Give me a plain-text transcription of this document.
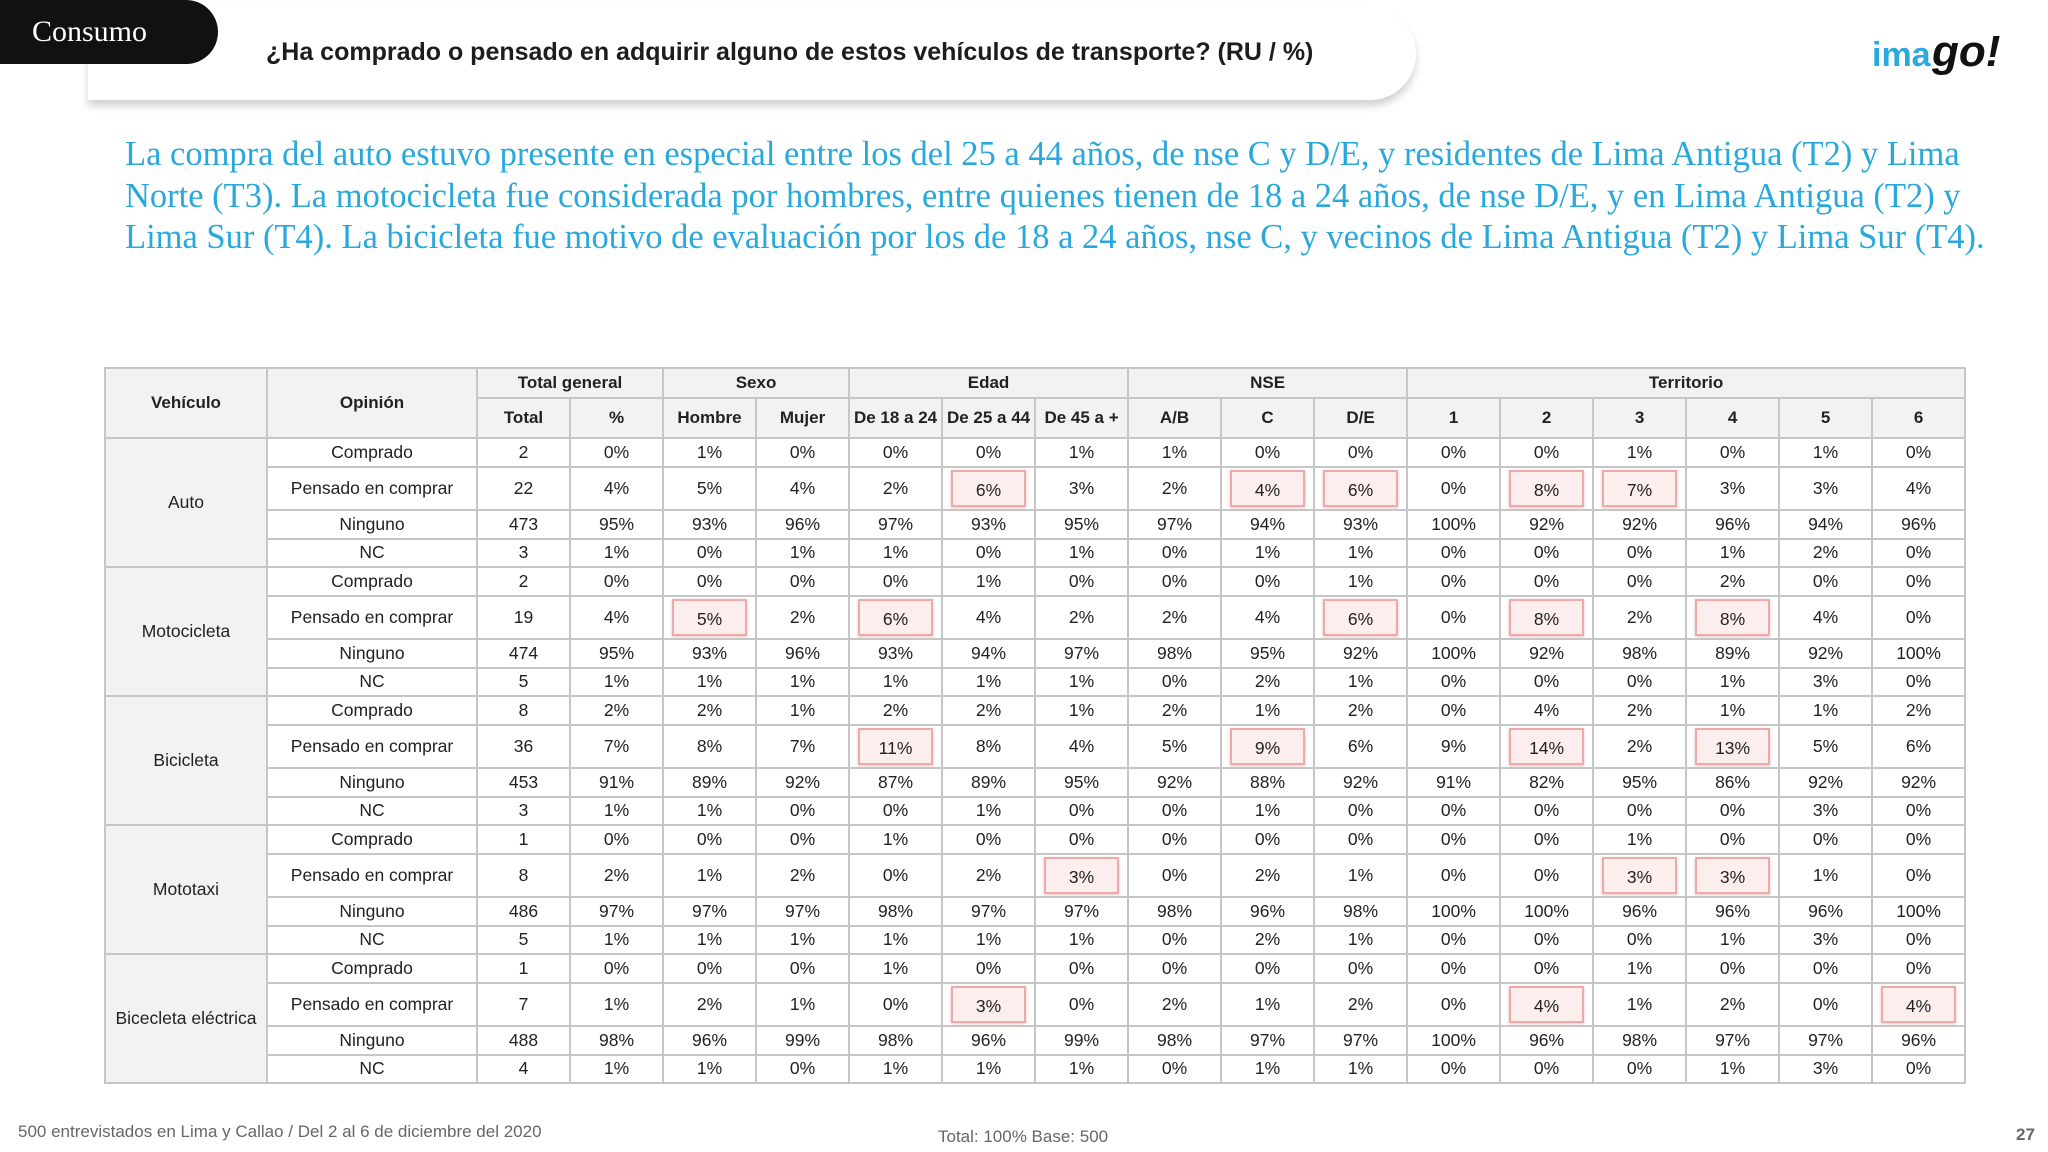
Consumo
¿Ha comprado o pensado en adquirir alguno de estos vehículos de transporte? (RU / %)	ima go!
La compra del auto estuvo presente en especial entre los del 25 a 44 años, de nse C y D/E, y residentes de Lima Antigua (T2) y Lima Norte (T3). La motocicleta fue considerada por hombres, entre quienes tienen de 18 a 24 años, de nse D/E, y en Lima Antigua (T2) y Lima Sur (T4). La bicicleta fue motivo de evaluación por los de 18 a 24 años, nse C, y vecinos de Lima Antigua (T2) y Lima Sur (T4).
Vehículo	Opinión	Total general		Sexo		Edad			NSE			Territorio					
		Total	%	Hombre	Mujer	De 18 a 24	De 25 a 44	De 45 a +	A/B	C	D/E	1	2	3	4	5	6
Auto	Comprado	2	0%	1%	0%	0%	0%	1%	1%	0%	0%	0%	0%	1%	0%	1%	0%
	Pensado en comprar	22	4%	5%	4%	2%	6%	3%	2%	4%	6%	0%	8%	7%	3%	3%	4%
	Ninguno	473	95%	93%	96%	97%	93%	95%	97%	94%	93%	100%	92%	92%	96%	94%	96%
	NC	3	1%	0%	1%	1%	0%	1%	0%	1%	1%	0%	0%	0%	1%	2%	0%
Motocicleta	Comprado	2	0%	0%	0%	0%	1%	0%	0%	0%	1%	0%	0%	0%	2%	0%	0%
	Pensado en comprar	19	4%	5%	2%	6%	4%	2%	2%	4%	6%	0%	8%	2%	8%	4%	0%
	Ninguno	474	95%	93%	96%	93%	94%	97%	98%	95%	92%	100%	92%	98%	89%	92%	100%
	NC	5	1%	1%	1%	1%	1%	1%	0%	2%	1%	0%	0%	0%	1%	3%	0%
Bicicleta	Comprado	8	2%	2%	1%	2%	2%	1%	2%	1%	2%	0%	4%	2%	1%	1%	2%
	Pensado en comprar	36	7%	8%	7%	11%	8%	4%	5%	9%	6%	9%	14%	2%	13%	5%	6%
	Ninguno	453	91%	89%	92%	87%	89%	95%	92%	88%	92%	91%	82%	95%	86%	92%	92%
	NC	3	1%	1%	0%	0%	1%	0%	0%	1%	0%	0%	0%	0%	0%	3%	0%
Mototaxi	Comprado	1	0%	0%	0%	1%	0%	0%	0%	0%	0%	0%	0%	1%	0%	0%	0%
	Pensado en comprar	8	2%	1%	2%	0%	2%	3%	0%	2%	1%	0%	0%	3%	3%	1%	0%
	Ninguno	486	97%	97%	97%	98%	97%	97%	98%	96%	98%	100%	100%	96%	96%	96%	100%
	NC	5	1%	1%	1%	1%	1%	1%	0%	2%	1%	0%	0%	0%	1%	3%	0%
Bicecleta eléctrica	Comprado	1	0%	0%	0%	1%	0%	0%	0%	0%	0%	0%	0%	1%	0%	0%	0%
	Pensado en comprar	7	1%	2%	1%	0%	3%	0%	2%	1%	2%	0%	4%	1%	2%	0%	4%

	Ninguno	488	98%	96%	99%	98%	96%	99%	98%	97%	97%	100%	96%	98%	97%	97%	96%
	NC	4	1%	1%	0%	1%	1%	1%	0%	1%	1%	0%	0%	0%	1%	3%	0%
500 entrevistados en Lima y Callao / Del 2 al 6 de diciembre del 2020	Total: 100% Base: 500	27
